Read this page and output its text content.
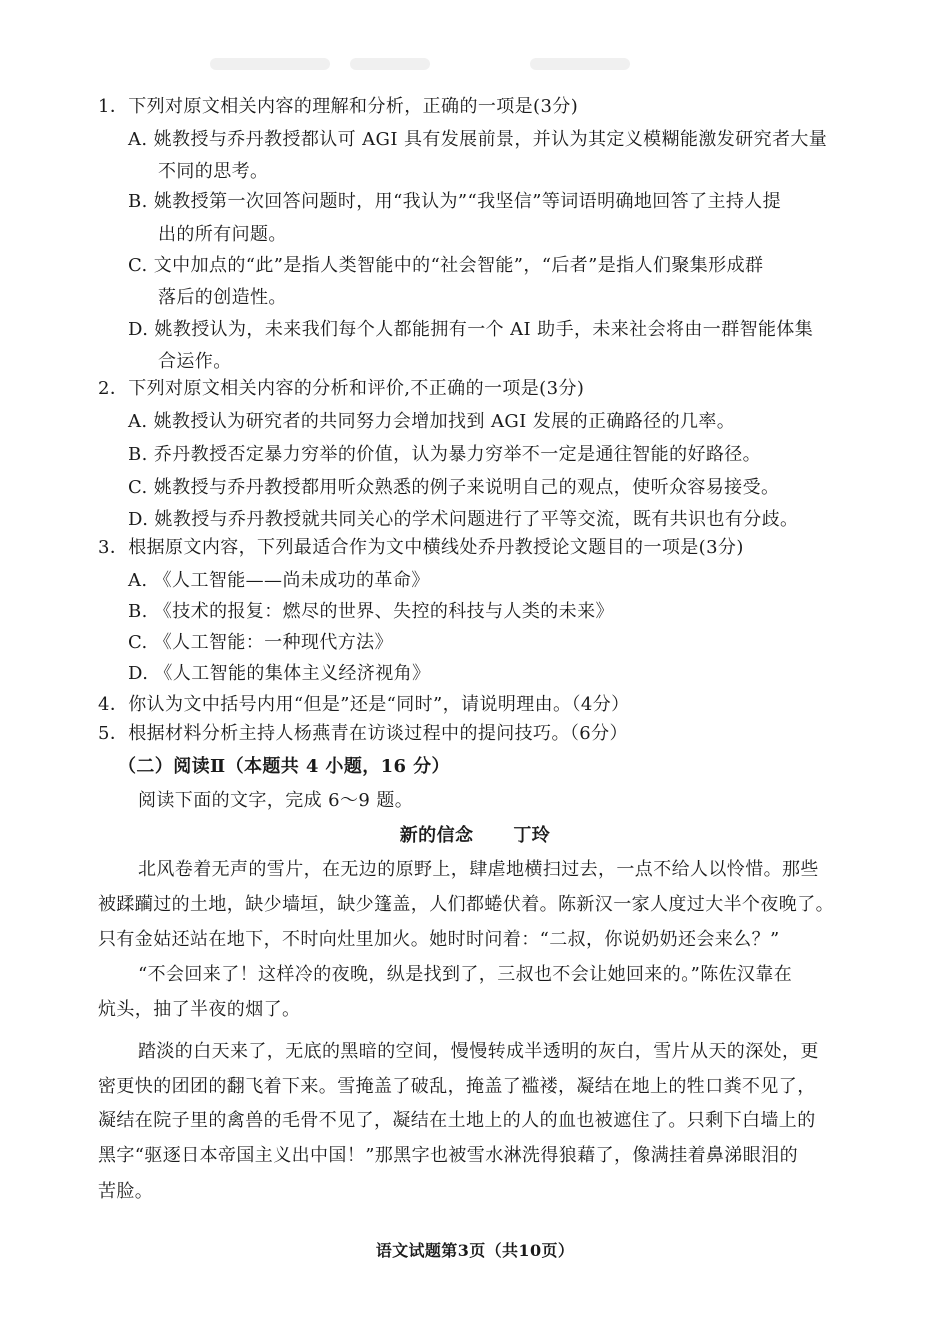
1．下列对原文相关内容的理解和分析，正确的一项是(3分)
A. 姚教授与乔丹教授都认可 AGI 具有发展前景，并认为其定义模糊能激发研究者大量
不同的思考。
B. 姚教授第一次回答问题时，用“我认为”“我坚信”等词语明确地回答了主持人提
出的所有问题。
C. 文中加点的“此”是指人类智能中的“社会智能”，“后者”是指人们聚集形成群
落后的创造性。
D. 姚教授认为，未来我们每个人都能拥有一个 AI 助手，未来社会将由一群智能体集
合运作。
2．下列对原文相关内容的分析和评价,不正确的一项是(3分)
A. 姚教授认为研究者的共同努力会增加找到 AGI 发展的正确路径的几率。
B. 乔丹教授否定暴力穷举的价值，认为暴力穷举不一定是通往智能的好路径。
C. 姚教授与乔丹教授都用听众熟悉的例子来说明自己的观点，使听众容易接受。
D. 姚教授与乔丹教授就共同关心的学术问题进行了平等交流，既有共识也有分歧。
3．根据原文内容，下列最适合作为文中横线处乔丹教授论文题目的一项是(3分)
A. 《人工智能——尚未成功的革命》
B. 《技术的报复：燃尽的世界、失控的科技与人类的未来》
C. 《人工智能：一种现代方法》
D. 《人工智能的集体主义经济视角》
4．你认为文中括号内用“但是”还是“同时”，请说明理由。（4分）
5．根据材料分析主持人杨燕青在访谈过程中的提问技巧。（6分）
（二）阅读Ⅱ（本题共 4 小题，16 分）
阅读下面的文字，完成 6～9 题。
新的信念 丁玲
北风卷着无声的雪片，在无边的原野上，肆虐地横扫过去，一点不给人以怜惜。那些
被蹂躏过的土地，缺少墙垣，缺少篷盖，人们都蜷伏着。陈新汉一家人度过大半个夜晚了。
只有金姑还站在地下，不时向灶里加火。她时时问着：“二叔，你说奶奶还会来么？”
“不会回来了！这样冷的夜晚，纵是找到了，三叔也不会让她回来的。”陈佐汉靠在
炕头，抽了半夜的烟了。
踏淡的白天来了，无底的黑暗的空间，慢慢转成半透明的灰白，雪片从天的深处，更
密更快的团团的翻飞着下来。雪掩盖了破乱，掩盖了褴褛，凝结在地上的牲口粪不见了，
凝结在院子里的禽兽的毛骨不见了，凝结在土地上的人的血也被遮住了。只剩下白墙上的
黑字“驱逐日本帝国主义出中国！”那黑字也被雪水淋洗得狼藉了，像满挂着鼻涕眼泪的
苦脸。
语文试题第3页（共10页）
